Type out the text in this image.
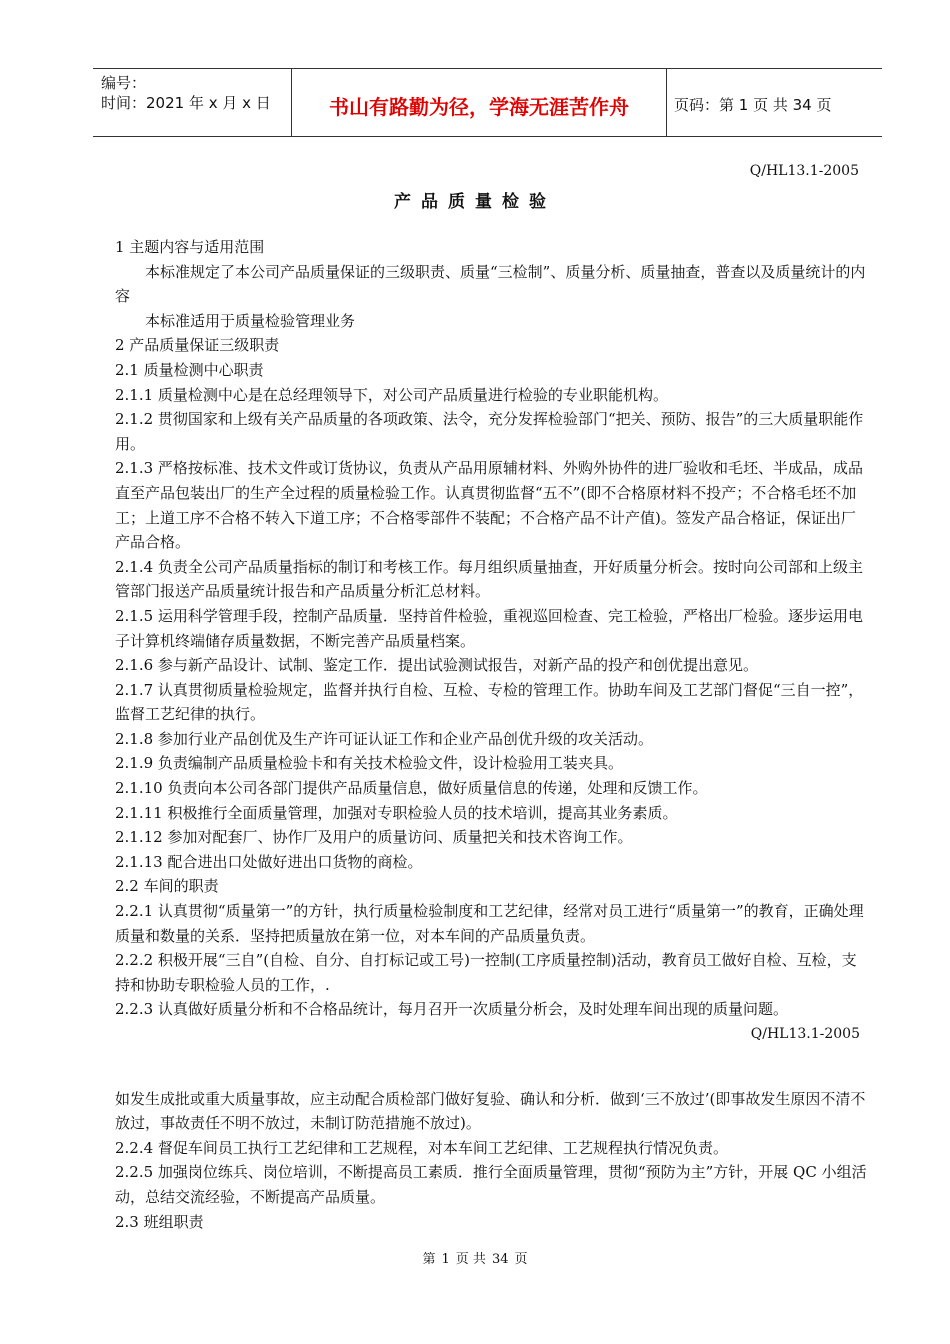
编号：
时间：2021 年 x 月 x 日	书山有路勤为径，学海无涯苦作舟	页码：第 1 页 共 34 页
Q/HL13.1-2005
产品质量检验

1 主题内容与适用范围

本标准规定了本公司产品质量保证的三级职责、质量“三检制”、质量分析、质量抽查，普查以及质量统计的内容

本标准适用于质量检验管理业务

2 产品质量保证三级职责

2.1 质量检测中心职责

2.1.1 质量检测中心是在总经理领导下，对公司产品质量进行检验的专业职能机构。

2.1.2 贯彻国家和上级有关产品质量的各项政策、法令，充分发挥检验部门“把关、预防、报告”的三大质量职能作用。

2.1.3 严格按标准、技术文件或订货协议，负责从产品用原辅材料、外购外协件的进厂验收和毛坯、半成品，成品直至产品包装出厂的生产全过程的质量检验工作。认真贯彻监督“五不”(即不合格原材料不投产；不合格毛坯不加工；上道工序不合格不转入下道工序；不合格零部件不装配；不合格产品不计产值)。签发产品合格证，保证出厂产品合格。

2.1.4 负责全公司产品质量指标的制订和考核工作。每月组织质量抽查，开好质量分析会。按时向公司部和上级主管部门报送产品质量统计报告和产品质量分析汇总材料。

2.1.5 运用科学管理手段，控制产品质量．坚持首件检验，重视巡回检查、完工检验，严格出厂检验。逐步运用电子计算机终端储存质量数据，不断完善产品质量档案。

2.1.6 参与新产品设计、试制、鉴定工作．提出试验测试报告，对新产品的投产和创优提出意见。

2.1.7 认真贯彻质量检验规定，监督并执行自检、互检、专检的管理工作。协助车间及工艺部门督促“三自一控”，监督工艺纪律的执行。

2.1.8 参加行业产品创优及生产许可证认证工作和企业产品创优升级的攻关活动。

2.1.9 负责编制产品质量检验卡和有关技术检验文件，设计检验用工装夹具。

2.1.10 负责向本公司各部门提供产品质量信息，做好质量信息的传递，处理和反馈工作。

2.1.11 积极推行全面质量管理，加强对专职检验人员的技术培训，提高其业务素质。

2.1.12 参加对配套厂、协作厂及用户的质量访问、质量把关和技术咨询工作。

2.1.13 配合进出口处做好进出口货物的商检。

2.2 车间的职责

2.2.1 认真贯彻“质量第一”的方针，执行质量检验制度和工艺纪律，经常对员工进行“质量第一”的教育，正确处理质量和数量的关系．坚持把质量放在第一位，对本车间的产品质量负责。

2.2.2 积极开展“三自”(自检、自分、自打标记或工号)一控制(工序质量控制)活动，教育员工做好自检、互检，支持和协助专职检验人员的工作，.

2.2.3 认真做好质量分析和不合格品统计，每月召开一次质量分析会，及时处理车间出现的质量问题。

Q/HL13.1-2005

如发生成批或重大质量事故，应主动配合质检部门做好复验、确认和分析．做到‘三不放过’(即事故发生原因不清不放过，事故责任不明不放过，未制订防范措施不放过)。

2.2.4 督促车间员工执行工艺纪律和工艺规程，对本车间工艺纪律、工艺规程执行情况负责。

2.2.5 加强岗位练兵、岗位培训，不断提高员工素质．推行全面质量管理，贯彻“预防为主”方针，开展 QC 小组活动，总结交流经验，不断提高产品质量。

2.3 班组职责

第 1 页 共 34 页
